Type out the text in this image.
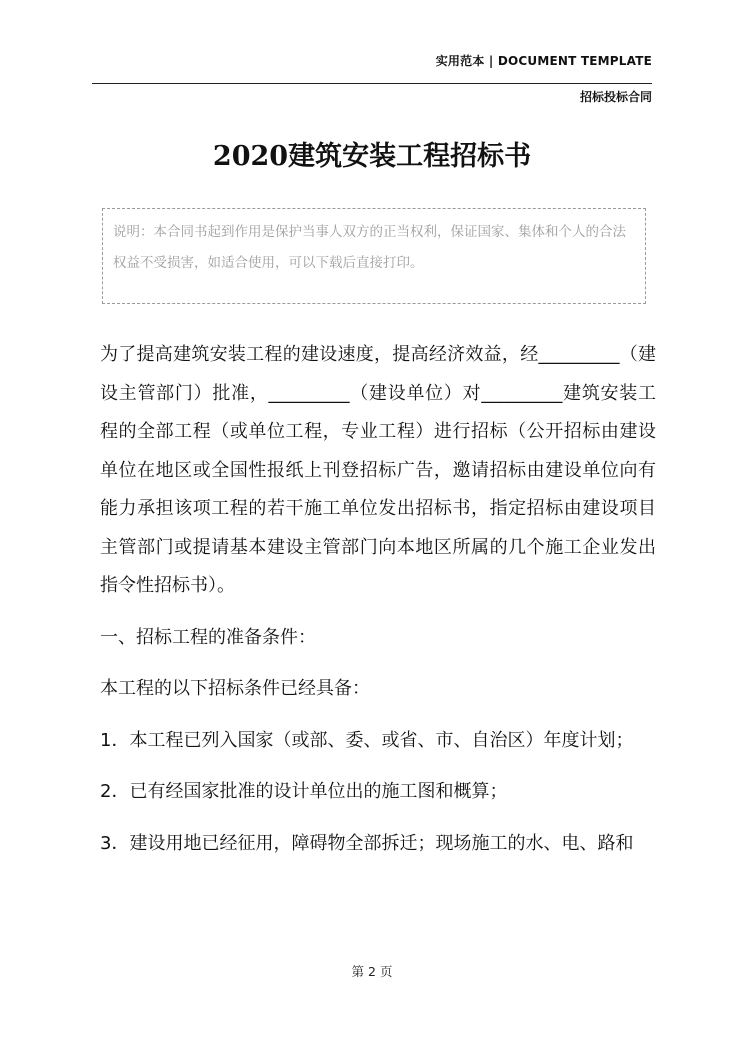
实用范本 | DOCUMENT TEMPLATE
招标投标合同
2020建筑安装工程招标书
说明：本合同书起到作用是保护当事人双方的正当权利，保证国家、集体和个人的合法权益不受损害，如适合使用，可以下载后直接打印。

为了提高建筑安装工程的建设速度，提高经济效益，经_________（建设主管部门）批准，_________（建设单位）对_________建筑安装工程的全部工程（或单位工程，专业工程）进行招标（公开招标由建设单位在地区或全国性报纸上刊登招标广告，邀请招标由建设单位向有能力承担该项工程的若干施工单位发出招标书，指定招标由建设项目主管部门或提请基本建设主管部门向本地区所属的几个施工企业发出指令性招标书）。

一、招标工程的准备条件：

本工程的以下招标条件已经具备：

1．本工程已列入国家（或部、委、或省、市、自治区）年度计划；

2．已有经国家批准的设计单位出的施工图和概算；

3．建设用地已经征用，障碍物全部拆迁；现场施工的水、电、路和

第 2 页
